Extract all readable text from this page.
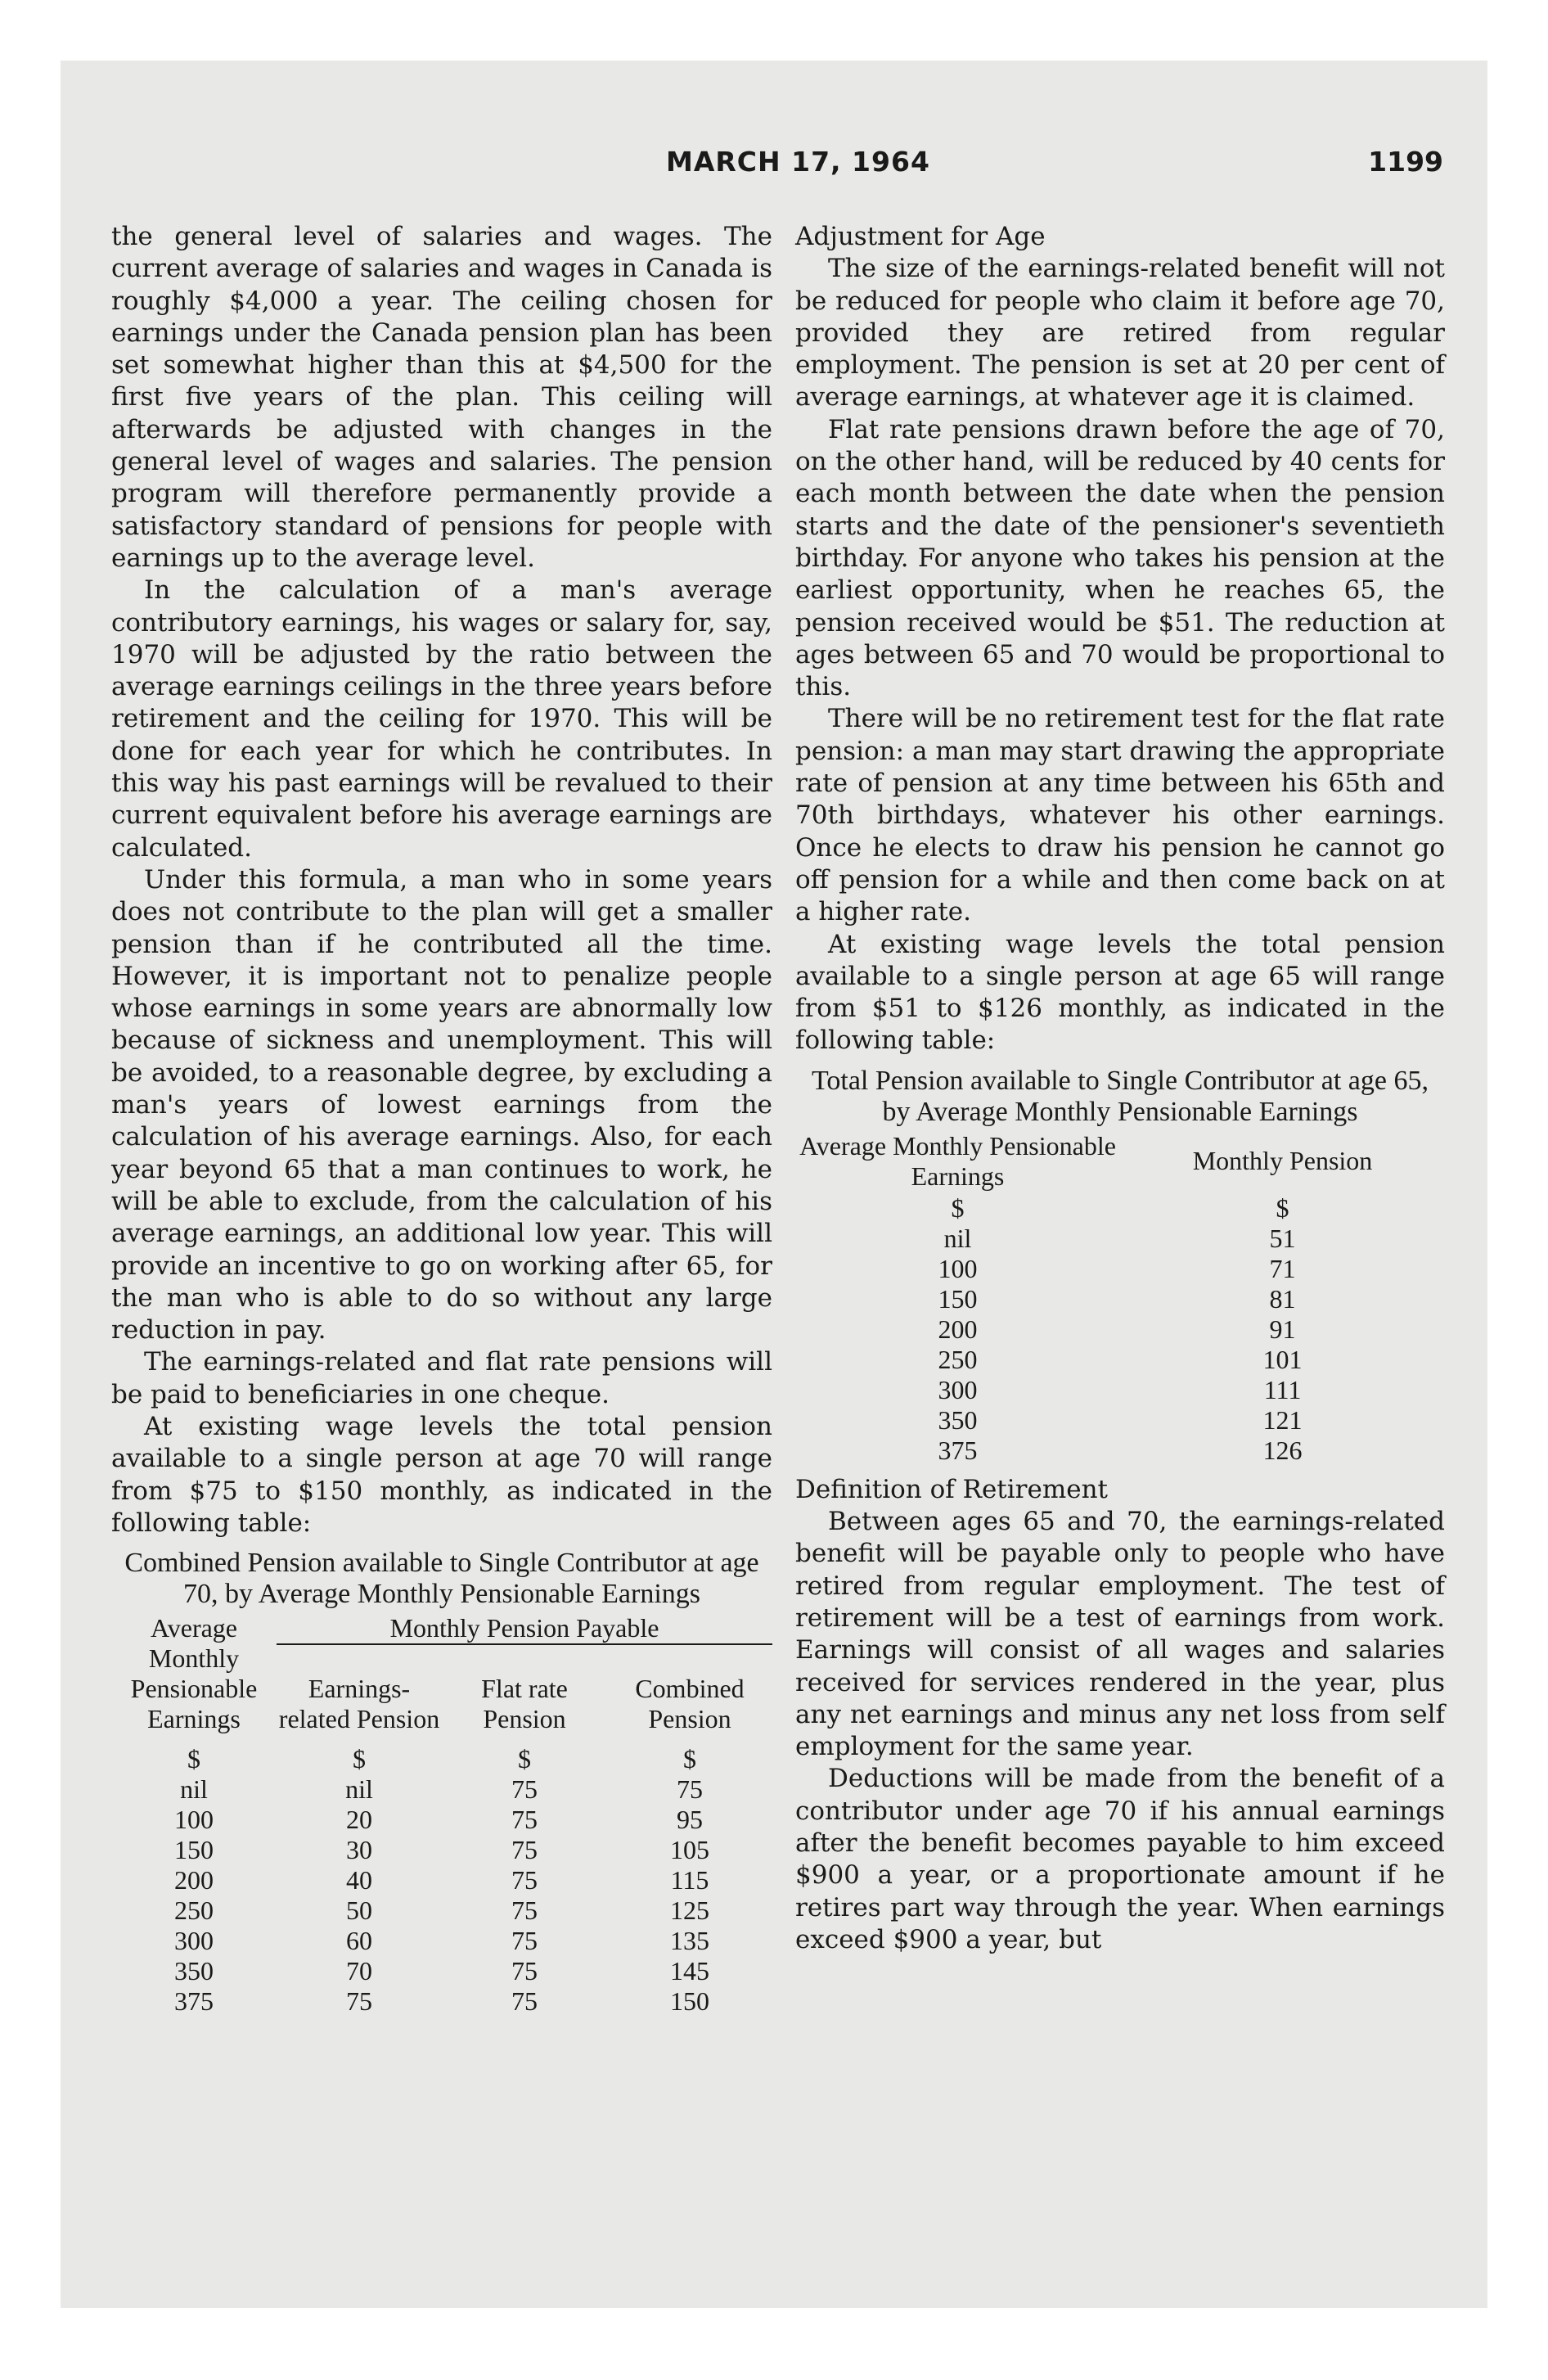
MARCH 17, 1964	1199

the general level of salaries and wages. The current average of salaries and wages in Canada is roughly $4,000 a year. The ceiling chosen for earnings under the Canada pension plan has been set somewhat higher than this at $4,500 for the first five years of the plan. This ceiling will afterwards be adjusted with changes in the general level of wages and salaries. The pension program will therefore permanently provide a satisfactory standard of pensions for people with earnings up to the average level.

In the calculation of a man's average contributory earnings, his wages or salary for, say, 1970 will be adjusted by the ratio between the average earnings ceilings in the three years before retirement and the ceiling for 1970. This will be done for each year for which he contributes. In this way his past earnings will be revalued to their current equivalent before his average earnings are calculated.

Under this formula, a man who in some years does not contribute to the plan will get a smaller pension than if he contributed all the time. However, it is important not to penalize people whose earnings in some years are abnormally low because of sickness and unemployment. This will be avoided, to a reasonable degree, by excluding a man's years of lowest earnings from the calculation of his average earnings. Also, for each year beyond 65 that a man continues to work, he will be able to exclude, from the calculation of his average earnings, an additional low year. This will provide an incentive to go on working after 65, for the man who is able to do so without any large reduction in pay.

The earnings-related and flat rate pensions will be paid to beneficiaries in one cheque.

At existing wage levels the total pension available to a single person at age 70 will range from $75 to $150 monthly, as indicated in the following table:

Combined Pension available to Single Contributor at age 70, by Average Monthly Pensionable Earnings
Average Monthly Pensionable Earnings	Monthly Pension Payable		
	Earnings-related Pension	Flat rate Pension	Combined Pension
$	$	$	$
nil	nil	75	75
100	20	75	95
150	30	75	105
200	40	75	115
250	50	75	125
300	60	75	135
350	70	75	145
375	75	75	150
Adjustment for Age

The size of the earnings-related benefit will not be reduced for people who claim it before age 70, provided they are retired from regular employment. The pension is set at 20 per cent of average earnings, at whatever age it is claimed.

Flat rate pensions drawn before the age of 70, on the other hand, will be reduced by 40 cents for each month between the date when the pension starts and the date of the pensioner's seventieth birthday. For anyone who takes his pension at the earliest opportunity, when he reaches 65, the pension received would be $51. The reduction at ages between 65 and 70 would be proportional to this.

There will be no retirement test for the flat rate pension: a man may start drawing the appropriate rate of pension at any time between his 65th and 70th birthdays, whatever his other earnings. Once he elects to draw his pension he cannot go off pension for a while and then come back on at a higher rate.

At existing wage levels the total pension available to a single person at age 65 will range from $51 to $126 monthly, as indicated in the following table:

Total Pension available to Single Contributor at age 65, by Average Monthly Pensionable Earnings
Average Monthly Pensionable Earnings	Monthly Pension
$	$
nil	51
100	71
150	81
200	91
250	101
300	111
350	121
375	126
Definition of Retirement

Between ages 65 and 70, the earnings-related benefit will be payable only to people who have retired from regular employment. The test of retirement will be a test of earnings from work. Earnings will consist of all wages and salaries received for services rendered in the year, plus any net earnings and minus any net loss from self employment for the same year.

Deductions will be made from the benefit of a contributor under age 70 if his annual earnings after the benefit becomes payable to him exceed $900 a year, or a proportionate amount if he retires part way through the year. When earnings exceed $900 a year, but
